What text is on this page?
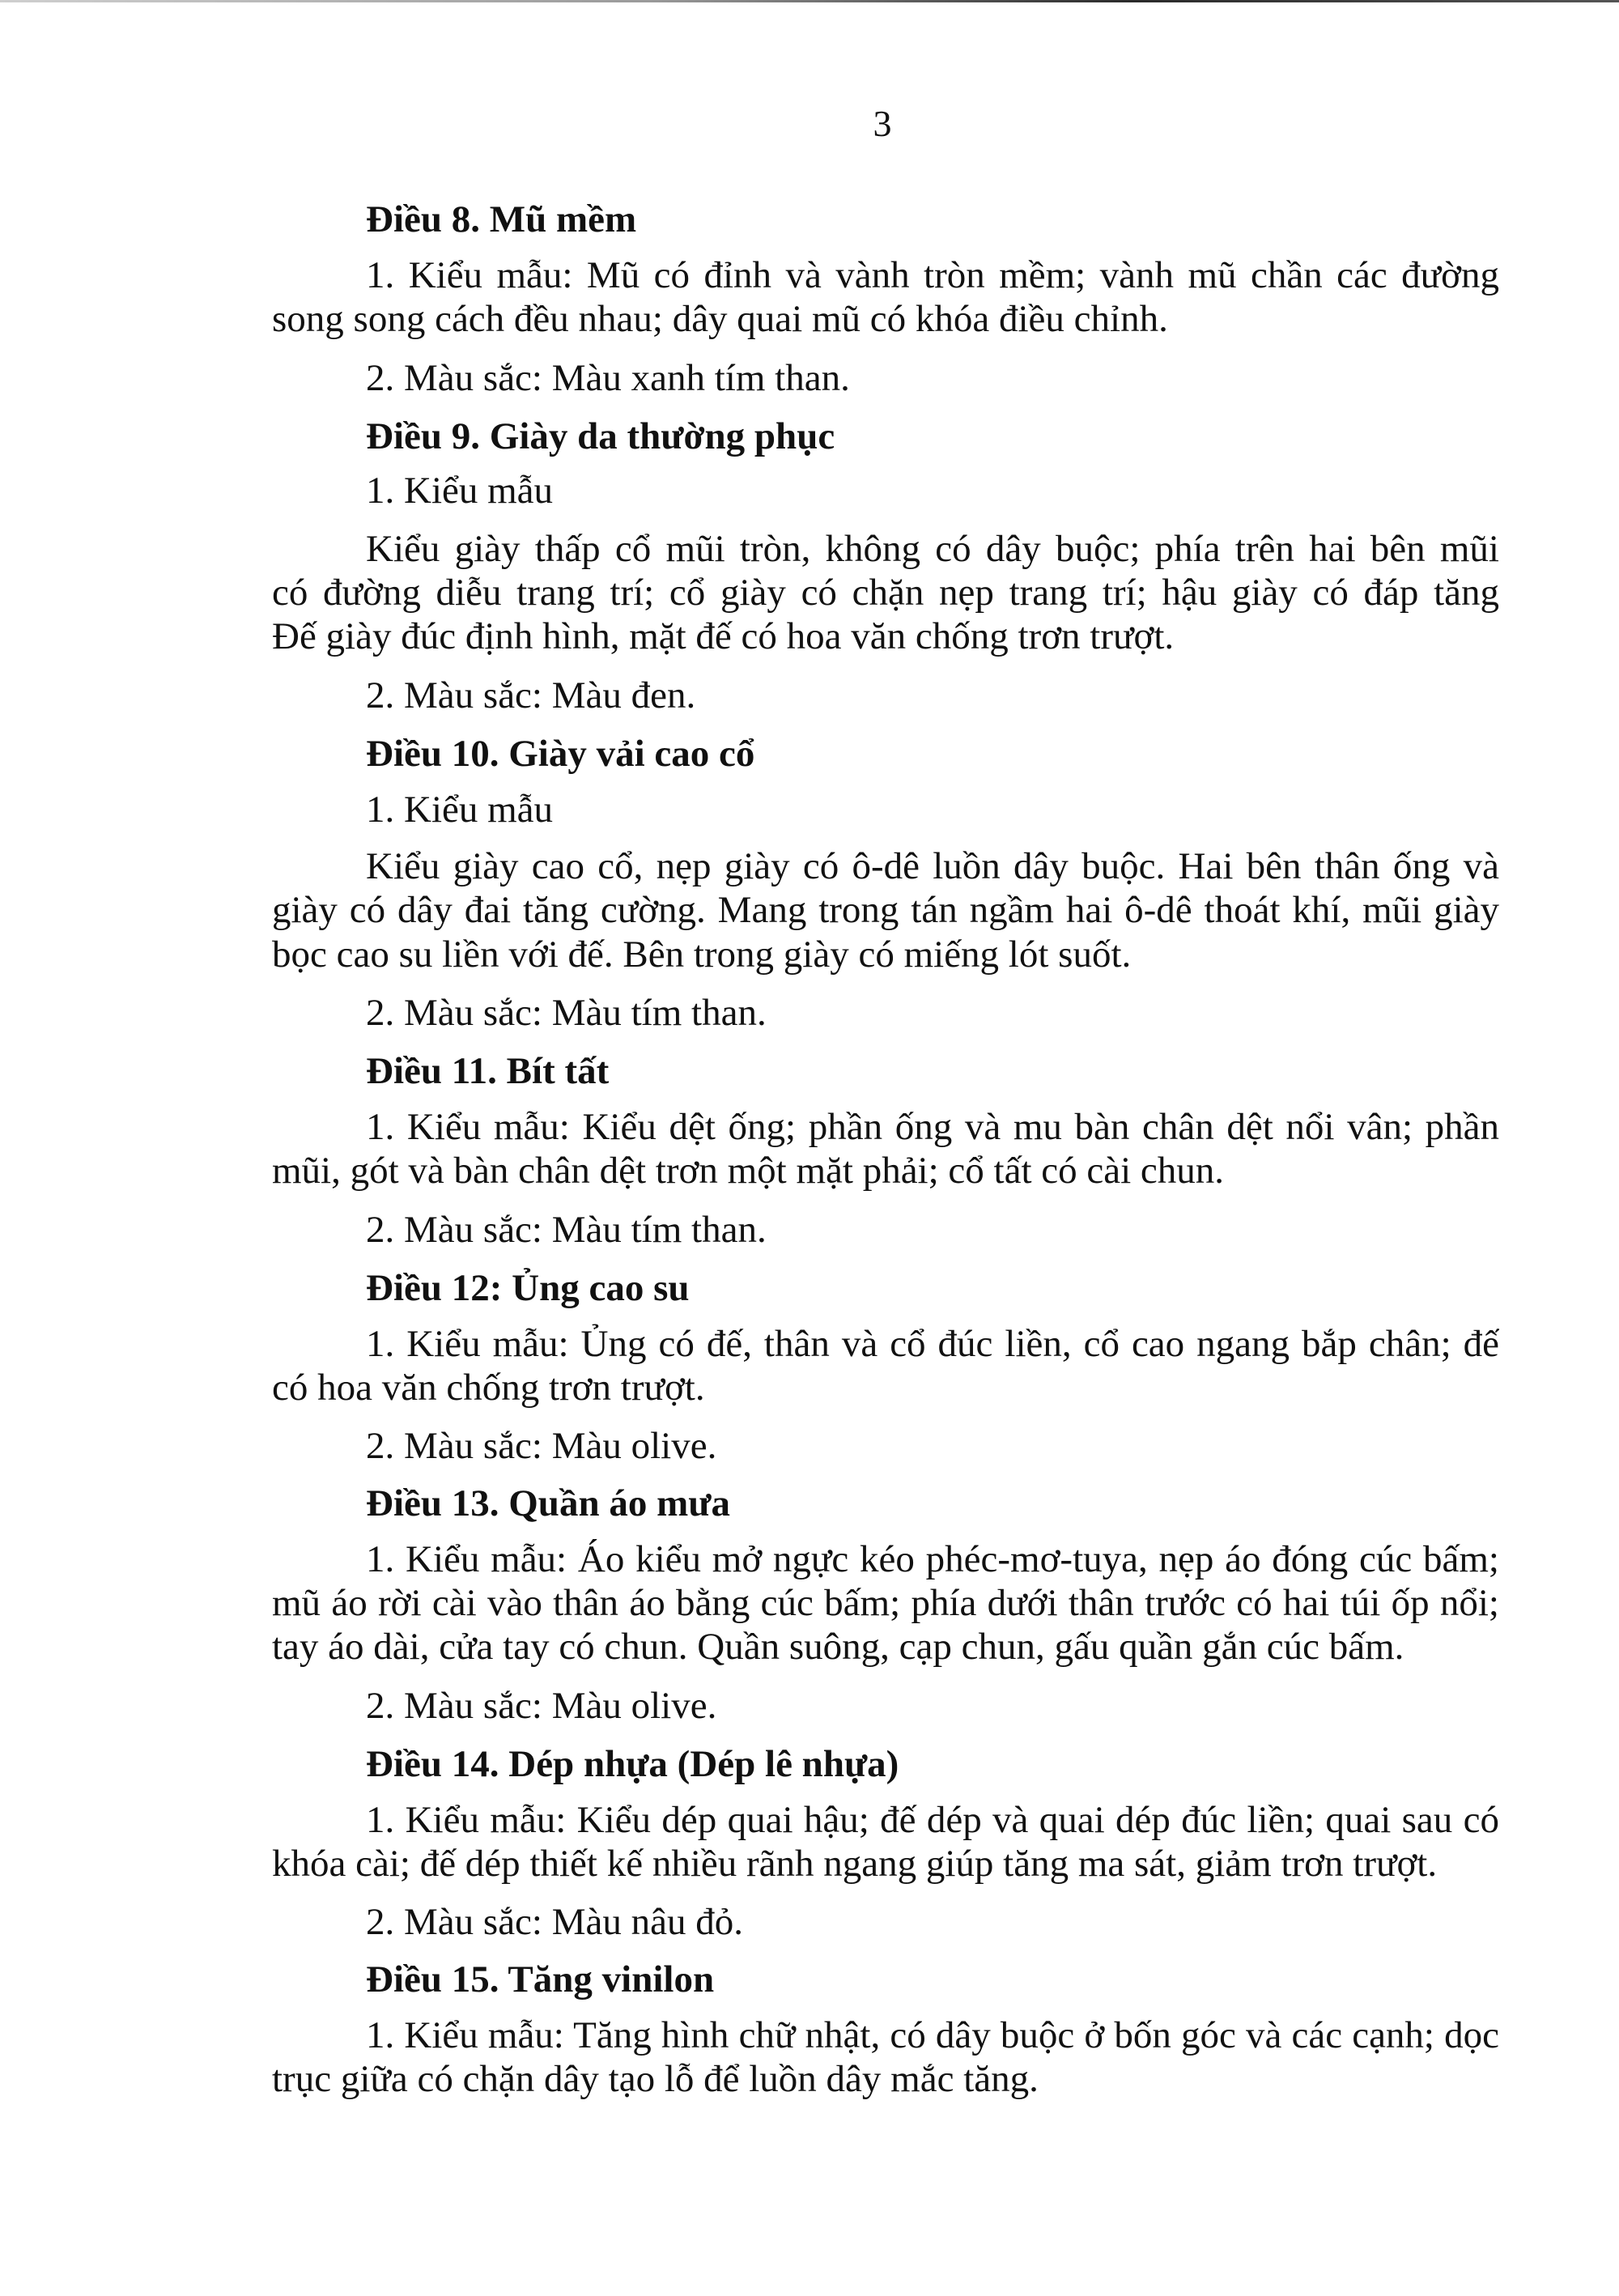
3
Điều 8. Mũ mềm
1. Kiểu mẫu: Mũ có đỉnh và vành tròn mềm; vành mũ chần các đường
song song cách đều nhau; dây quai mũ có khóa điều chỉnh.
2. Màu sắc: Màu xanh tím than.
Điều 9. Giày da thường phục
1. Kiểu mẫu
Kiểu giày thấp cổ mũi tròn, không có dây buộc; phía trên hai bên mũi
có đường diễu trang trí; cổ giày có chặn nẹp trang trí; hậu giày có đáp tăng
Đế giày đúc định hình, mặt đế có hoa văn chống trơn trượt.
2. Màu sắc: Màu đen.
Điều 10. Giày vải cao cổ
1. Kiểu mẫu
Kiểu giày cao cổ, nẹp giày có ô-dê luồn dây buộc. Hai bên thân ống và
giày có dây đai tăng cường. Mang trong tán ngầm hai ô-dê thoát khí, mũi giày
bọc cao su liền với đế. Bên trong giày có miếng lót suốt.
2. Màu sắc: Màu tím than.
Điều 11. Bít tất
1. Kiểu mẫu: Kiểu dệt ống; phần ống và mu bàn chân dệt nổi vân; phần
mũi, gót và bàn chân dệt trơn một mặt phải; cổ tất có cài chun.
2. Màu sắc: Màu tím than.
Điều 12: Ủng cao su
1. Kiểu mẫu: Ủng có đế, thân và cổ đúc liền, cổ cao ngang bắp chân; đế
có hoa văn chống trơn trượt.
2. Màu sắc: Màu olive.
Điều 13. Quần áo mưa
1. Kiểu mẫu: Áo kiểu mở ngực kéo phéc-mơ-tuya, nẹp áo đóng cúc bấm;
mũ áo rời cài vào thân áo bằng cúc bấm; phía dưới thân trước có hai túi ốp nổi;
tay áo dài, cửa tay có chun. Quần suông, cạp chun, gấu quần gắn cúc bấm.
2. Màu sắc: Màu olive.
Điều 14. Dép nhựa (Dép lê nhựa)
1. Kiểu mẫu: Kiểu dép quai hậu; đế dép và quai dép đúc liền; quai sau có
khóa cài; đế dép thiết kế nhiều rãnh ngang giúp tăng ma sát, giảm trơn trượt.
2. Màu sắc: Màu nâu đỏ.
Điều 15. Tăng vinilon
1. Kiểu mẫu: Tăng hình chữ nhật, có dây buộc ở bốn góc và các cạnh; dọc
trục giữa có chặn dây tạo lỗ để luồn dây mắc tăng.
